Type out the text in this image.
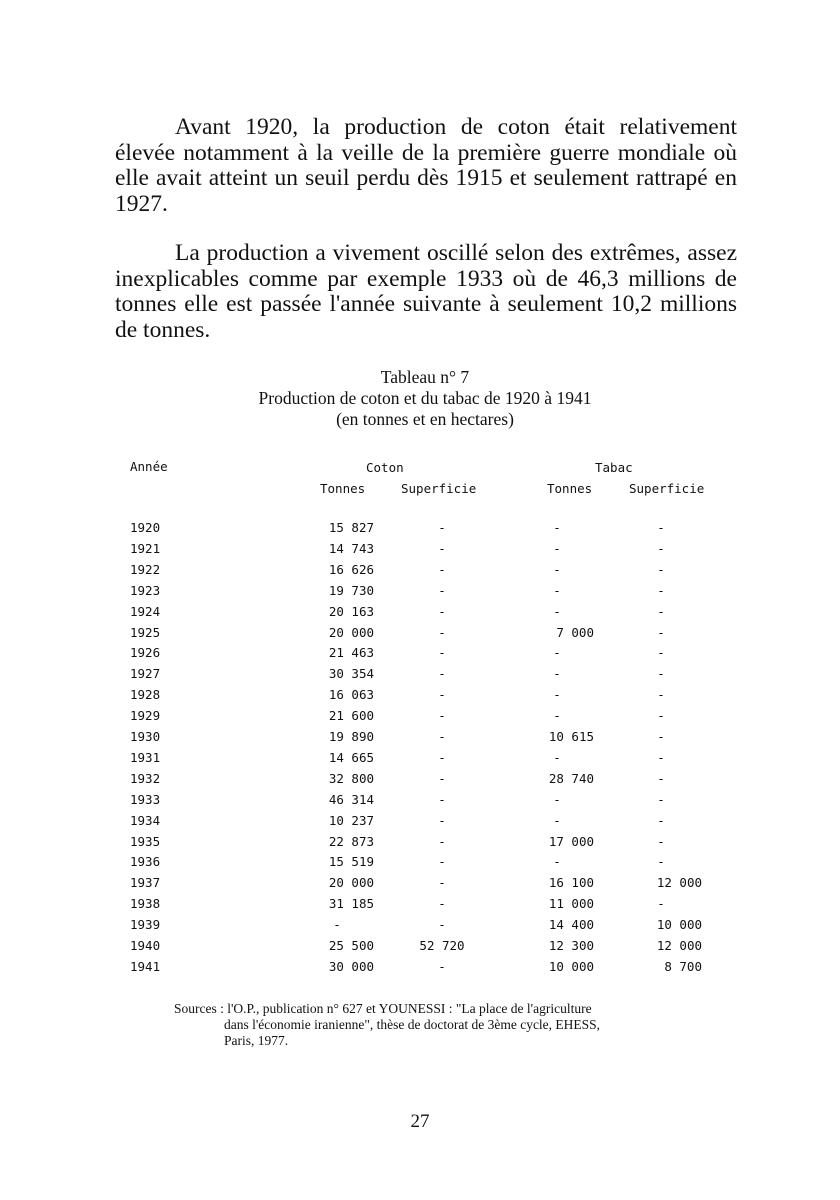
Avant 1920, la production de coton était relativement élevée notamment à la veille de la première guerre mondiale où elle avait atteint un seuil perdu dès 1915 et seulement rattrapé en 1927.

La production a vivement oscillé selon des extrêmes, assez inexplicables comme par exemple 1933 où de 46,3 millions de tonnes elle est passée l'année suivante à seulement 10,2 millions de tonnes.

Tableau n° 7
Production de coton et du tabac de 1920 à 1941
(en tonnes et en hectares)
Année	Coton	Tabac
Tonnes	Superficie	Tonnes	Superficie
1920	15 827	-	-	-
1921	14 743	-	-	-
1922	16 626	-	-	-
1923	19 730	-	-	-
1924	20 163	-	-	-
1925	20 000	-	7 000	-
1926	21 463	-	-	-
1927	30 354	-	-	-
1928	16 063	-	-	-
1929	21 600	-	-	-
1930	19 890	-	10 615	-
1931	14 665	-	-	-
1932	32 800	-	28 740	-
1933	46 314	-	-	-
1934	10 237	-	-	-
1935	22 873	-	17 000	-
1936	15 519	-	-	-
1937	20 000	-	16 100	12 000
1938	31 185	-	11 000	-
1939	-	-	14 400	10 000
1940	25 500	52 720	12 300	12 000
1941	30 000	-	10 000	8 700
Sources : l'O.P., publication n° 627 et YOUNESSI : "La place de l'agriculture
dans l'économie iranienne", thèse de doctorat de 3ème cycle, EHESS,
Paris, 1977.
27
